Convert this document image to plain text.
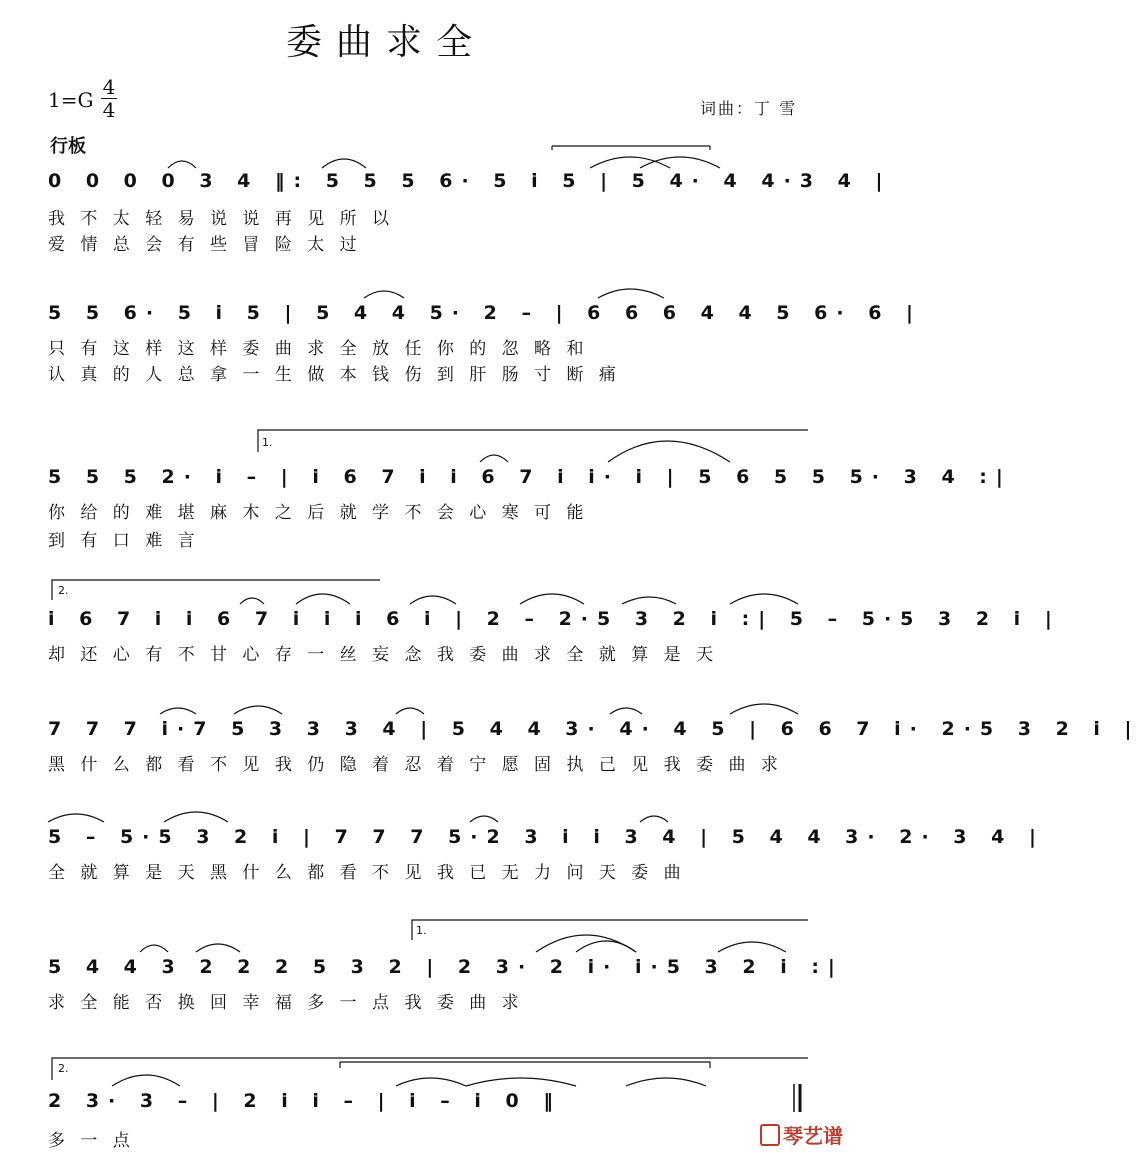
委曲求全
1=G
4
4	词曲：丁 雪
行板
0 0 0 0 3 4 ‖: 5 5 5 6· 5 i 5 | 5 4· 4 4·3 4 |
我 不 太 轻 易 说 说 再 见 所 以
爱 情 总 会 有 些 冒 险 太 过
5 5 6· 5 i 5 | 5 4 4 5· 2 – | 6 6 6 4 4 5 6· 6 |
只 有 这 样 这 样 委 曲 求 全 放 任 你 的 忽 略 和
认 真 的 人 总 拿 一 生 做 本 钱 伤 到 肝 肠 寸 断 痛
5 5 5 2· i – | i 6 7 i i 6 7 i i· i | 5 6 5 5 5· 3 4 :|
你 给 的 难 堪 麻 木 之 后 就 学 不 会 心 寒 可 能
到 有 口 难 言
i 6 7 i i 6 7 i i i 6 i | 2 – 2·5 3 2 i :| 5 – 5·5 3 2 i |
却 还 心 有 不 甘 心 存 一 丝 妄 念 我 委 曲 求 全 就 算 是 天
7 7 7 i·7 5 3 3 3 4 | 5 4 4 3· 4· 4 5 | 6 6 7 i· 2·5 3 2 i |
黑 什 么 都 看 不 见 我 仍 隐 着 忍 着 宁 愿 固 执 己 见 我 委 曲 求
5 – 5·5 3 2 i | 7 7 7 5·2 3 i i 3 4 | 5 4 4 3· 2· 3 4 |
全 就 算 是 天 黑 什 么 都 看 不 见 我 已 无 力 问 天 委 曲
5 4 4 3 2 2 2 5 3 2 | 2 3· 2 i· i·5 3 2 i :|
求 全 能 否 换 回 幸 福 多 一 点 我 委 曲 求
2 3· 3 – | 2 i i – | i – i 0 ‖
多 一 点
1.
2.
1.
2.
琴艺谱
